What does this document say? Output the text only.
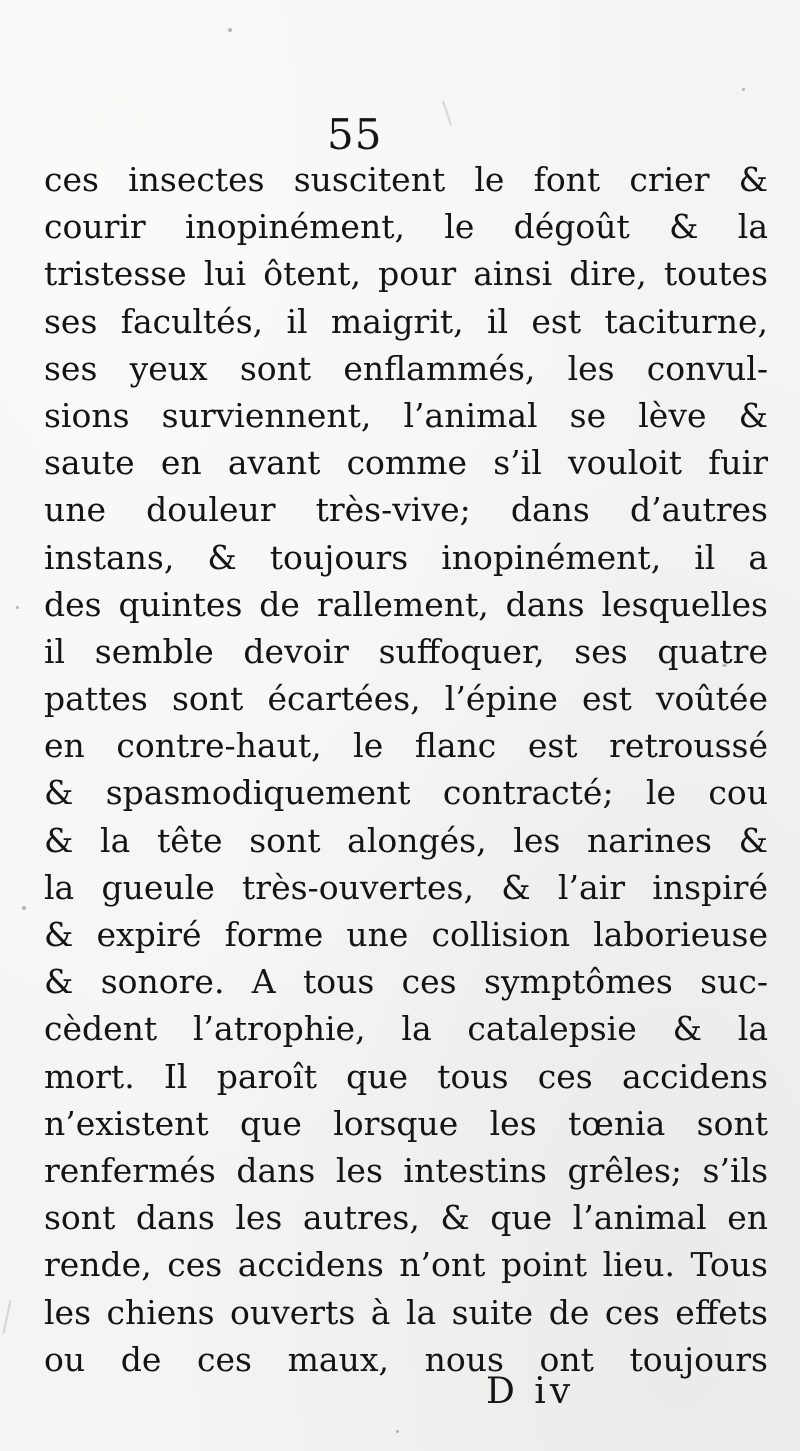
55
ces insectes suscitent le font crier &
courir inopinément, le dégoût & la
tristesse lui ôtent, pour ainsi dire, toutes
ses facultés, il maigrit, il est taciturne,
ses yeux sont enflammés, les convul-
sions surviennent, l’animal se lève &
saute en avant comme s’il vouloit fuir
une douleur très-vive; dans d’autres
instans, & toujours inopinément, il a
des quintes de rallement, dans lesquelles
il semble devoir suffoquer, ses quatre
pattes sont écartées, l’épine est voûtée
en contre-haut, le flanc est retroussé
& spasmodiquement contracté; le cou
& la tête sont alongés, les narines &
la gueule très-ouvertes, & l’air inspiré
& expiré forme une collision laborieuse
& sonore. A tous ces symptômes suc-
cèdent l’atrophie, la catalepsie & la
mort. Il paroît que tous ces accidens
n’existent que lorsque les tœnia sont
renfermés dans les intestins grêles; s’ils
sont dans les autres, & que l’animal en
rende, ces accidens n’ont point lieu. Tous
les chiens ouverts à la suite de ces effets
ou de ces maux, nous ont toujours
D iv
